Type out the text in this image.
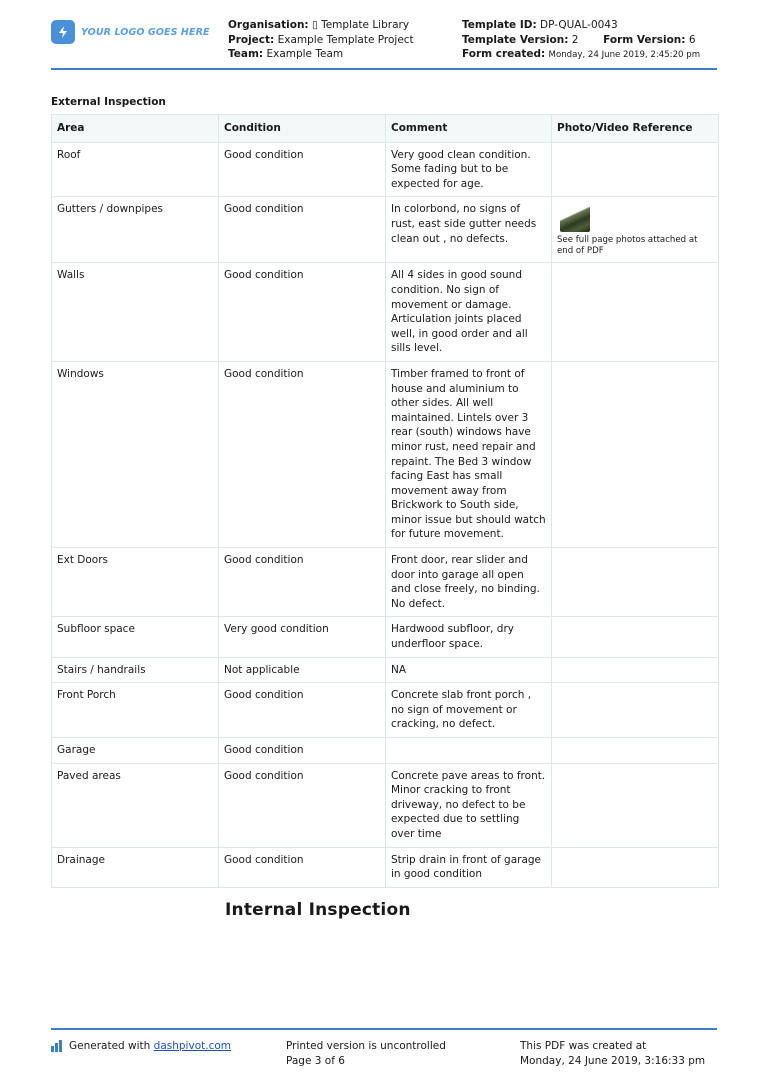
YOUR LOGO GOES HERE
Organisation: ▯ Template Library
Project: Example Template Project
Team: Example Team
Template ID: DP-QUAL-0043
Template Version: 2 Form Version: 6
Form created: Monday, 24 June 2019, 2:45:20 pm
External Inspection
Area	Condition	Comment	Photo/Video Reference
Roof	Good condition	Very good clean condition. Some fading but to be expected for age.	
Gutters / downpipes	Good condition	In colorbond, no signs of rust, east side gutter needs clean out , no defects.	See full page photos attached at end of PDF

Walls	Good condition	All 4 sides in good sound condition. No sign of movement or damage. Articulation joints placed well, in good order and all sills level.	
Windows	Good condition	Timber framed to front of house and aluminium to other sides. All well maintained. Lintels over 3 rear (south) windows have minor rust, need repair and repaint. The Bed 3 window facing East has small movement away from Brickwork to South side, minor issue but should watch for future movement.	
Ext Doors	Good condition	Front door, rear slider and door into garage all open and close freely, no binding. No defect.	
Subfloor space	Very good condition	Hardwood subfloor, dry underfloor space.	
Stairs / handrails	Not applicable	NA	
Front Porch	Good condition	Concrete slab front porch , no sign of movement or cracking, no defect.	
Garage	Good condition		
Paved areas	Good condition	Concrete pave areas to front. Minor cracking to front driveway, no defect to be expected due to settling over time	
Drainage	Good condition	Strip drain in front of garage in good condition	
Internal Inspection
Generated with
dashpivot.com	Printed version is uncontrolled
Page 3 of 6
This PDF was created at
Monday, 24 June 2019, 3:16:33 pm
